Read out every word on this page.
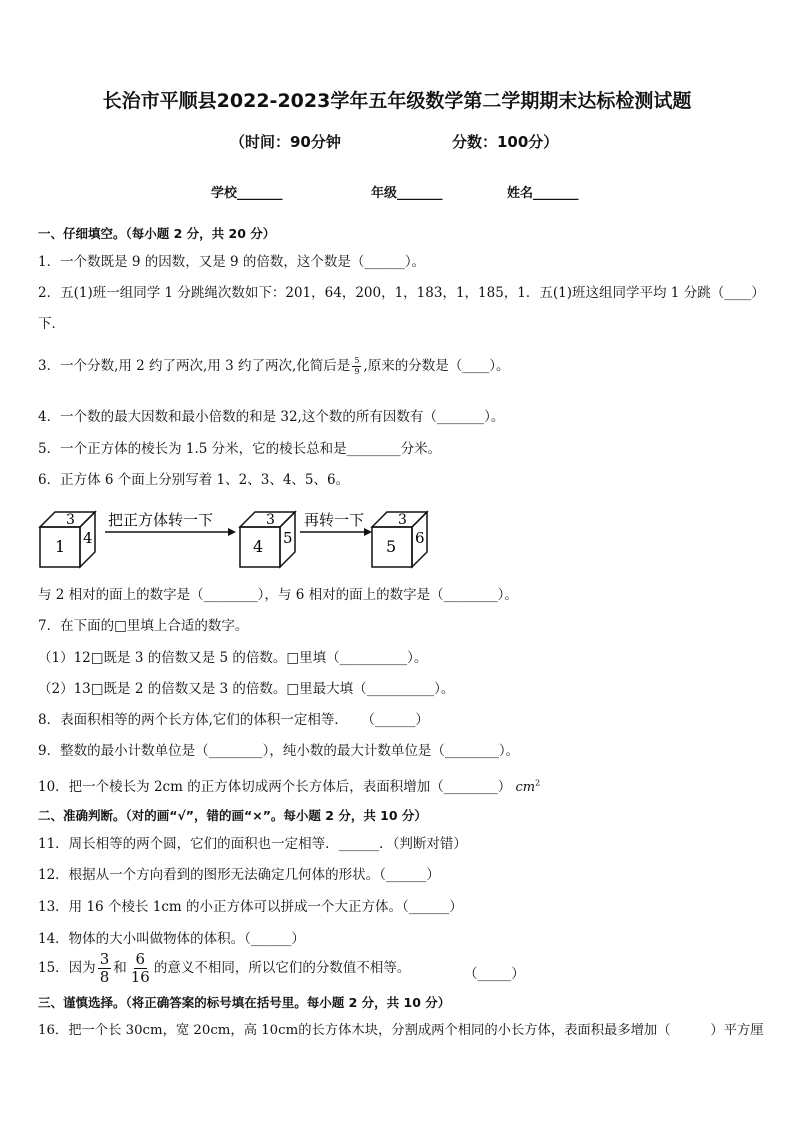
长治市平顺县2022-2023学年五年级数学第二学期期末达标检测试题
（时间：90分钟	分数：100分）
学校_______	年级_______	姓名_______
一、仔细填空。（每小题 2 分，共 20 分）
1．一个数既是 9 的因数，又是 9 的倍数，这个数是（______）。
2．五(1)班一组同学 1 分跳绳次数如下：201，64，200，1，183，1，185，1．五(1)班这组同学平均 1 分跳（____）
下．
3．一个分数,用 2 约了两次,用 3 约了两次,化简后是 $\frac{5}{9}$ ,原来的分数是（____）。
4．一个数的最大因数和最小倍数的和是 32,这个数的所有因数有（_______）。
5．一个正方体的棱长为 1.5 分米，它的棱长总和是________分米。
6．正方体 6 个面上分别写着 1、2、3、4、5、6。
3
1 4
把正方体转一下	3
4 5
再转一下 3
5 6
与 2 相对的面上的数字是（________），与 6 相对的面上的数字是（________）。
7．在下面的□里填上合适的数字。
（1）12□既是 3 的倍数又是 5 的倍数。□里填（__________）。
（2）13□既是 2 的倍数又是 3 的倍数。□里最大填（__________）。
8．表面积相等的两个长方体,它们的体积一定相等．　　（______）
9．整数的最小计数单位是（________），纯小数的最大计数单位是（________）。
10．把一个棱长为 2cm 的正方体切成两个长方体后，表面积增加（________） $cm^2$
二、准确判断。（对的画“√”，错的画“×”。每小题 2 分，共 10 分）
11．周长相等的两个圆，它们的面积也一定相等．______．（判断对错）
12．根据从一个方向看到的图形无法确定几何体的形状。（______）
13．用 16 个棱长 1cm 的小正方体可以拼成一个大正方体。（______）
14．物体的大小叫做物体的体积。（______）
15．因为 $\frac{3}{8}$ 和 $\frac{6}{16}$ 的意义不相同，所以它们的分数值不相等。	（_____）
三、谨慎选择。（将正确答案的标号填在括号里。每小题 2 分，共 10 分）
16．把一个长 30cm，宽 20cm，高 10cm的长方体木块，分割成两个相同的小长方体，表面积最多增加（　　　）平方厘
